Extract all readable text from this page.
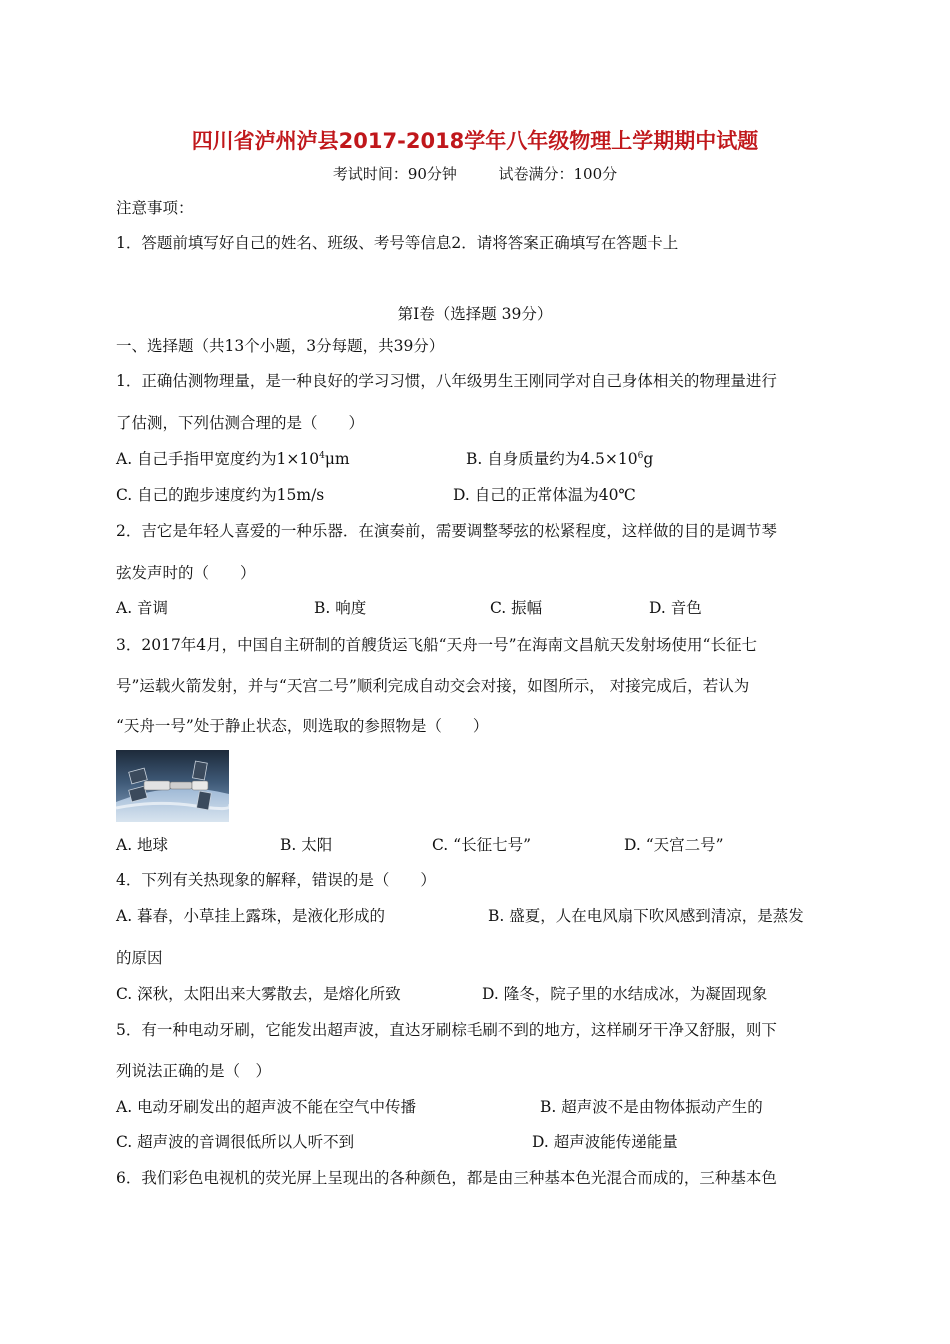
四川省泸州泸县2017-2018学年八年级物理上学期期中试题
考试时间：90分钟	试卷满分：100分
注意事项：
1．答题前填写好自己的姓名、班级、考号等信息2．请将答案正确填写在答题卡上
第Ⅰ卷（选择题 39分）
一、选择题（共13个小题，3分每题，共39分）
1．正确估测物理量，是一种良好的学习习惯，八年级男生王刚同学对自己身体相关的物理量进行
了估测，下列估测合理的是（　　）
A. 自己手指甲宽度约为$1\times 10^4\mu m$	B. 自身质量约为$4.5\times 10^6g$
C. 自己的跑步速度约为15m/s	D. 自己的正常体温为40℃
2．吉它是年轻人喜爱的一种乐器．在演奏前，需要调整琴弦的松紧程度，这样做的目的是调节琴
弦发声时的（　　）
A. 音调	B. 响度	C. 振幅	D. 音色
3．2017年4月，中国自主研制的首艘货运飞船“天舟一号”在海南文昌航天发射场使用“长征七
号”运载火箭发射，并与“天宫二号”顺利完成自动交会对接，如图所示， 对接完成后，若认为
“天舟一号”处于静止状态，则选取的参照物是（　　）
A. 地球	B. 太阳	C. “长征七号”	D. “天宫二号”
4．下列有关热现象的解释，错误的是（　　）
A. 暮春，小草挂上露珠，是液化形成的	B. 盛夏，人在电风扇下吹风感到清凉，是蒸发
的原因
C. 深秋，太阳出来大雾散去，是熔化所致	D. 隆冬，院子里的水结成冰，为凝固现象
5．有一种电动牙刷，它能发出超声波，直达牙刷棕毛刷不到的地方，这样刷牙干净又舒服，则下
列说法正确的是（　）
A. 电动牙刷发出的超声波不能在空气中传播	B. 超声波不是由物体振动产生的
C. 超声波的音调很低所以人听不到	D. 超声波能传递能量
6．我们彩色电视机的荧光屏上呈现出的各种颜色，都是由三种基本色光混合而成的，三种基本色
